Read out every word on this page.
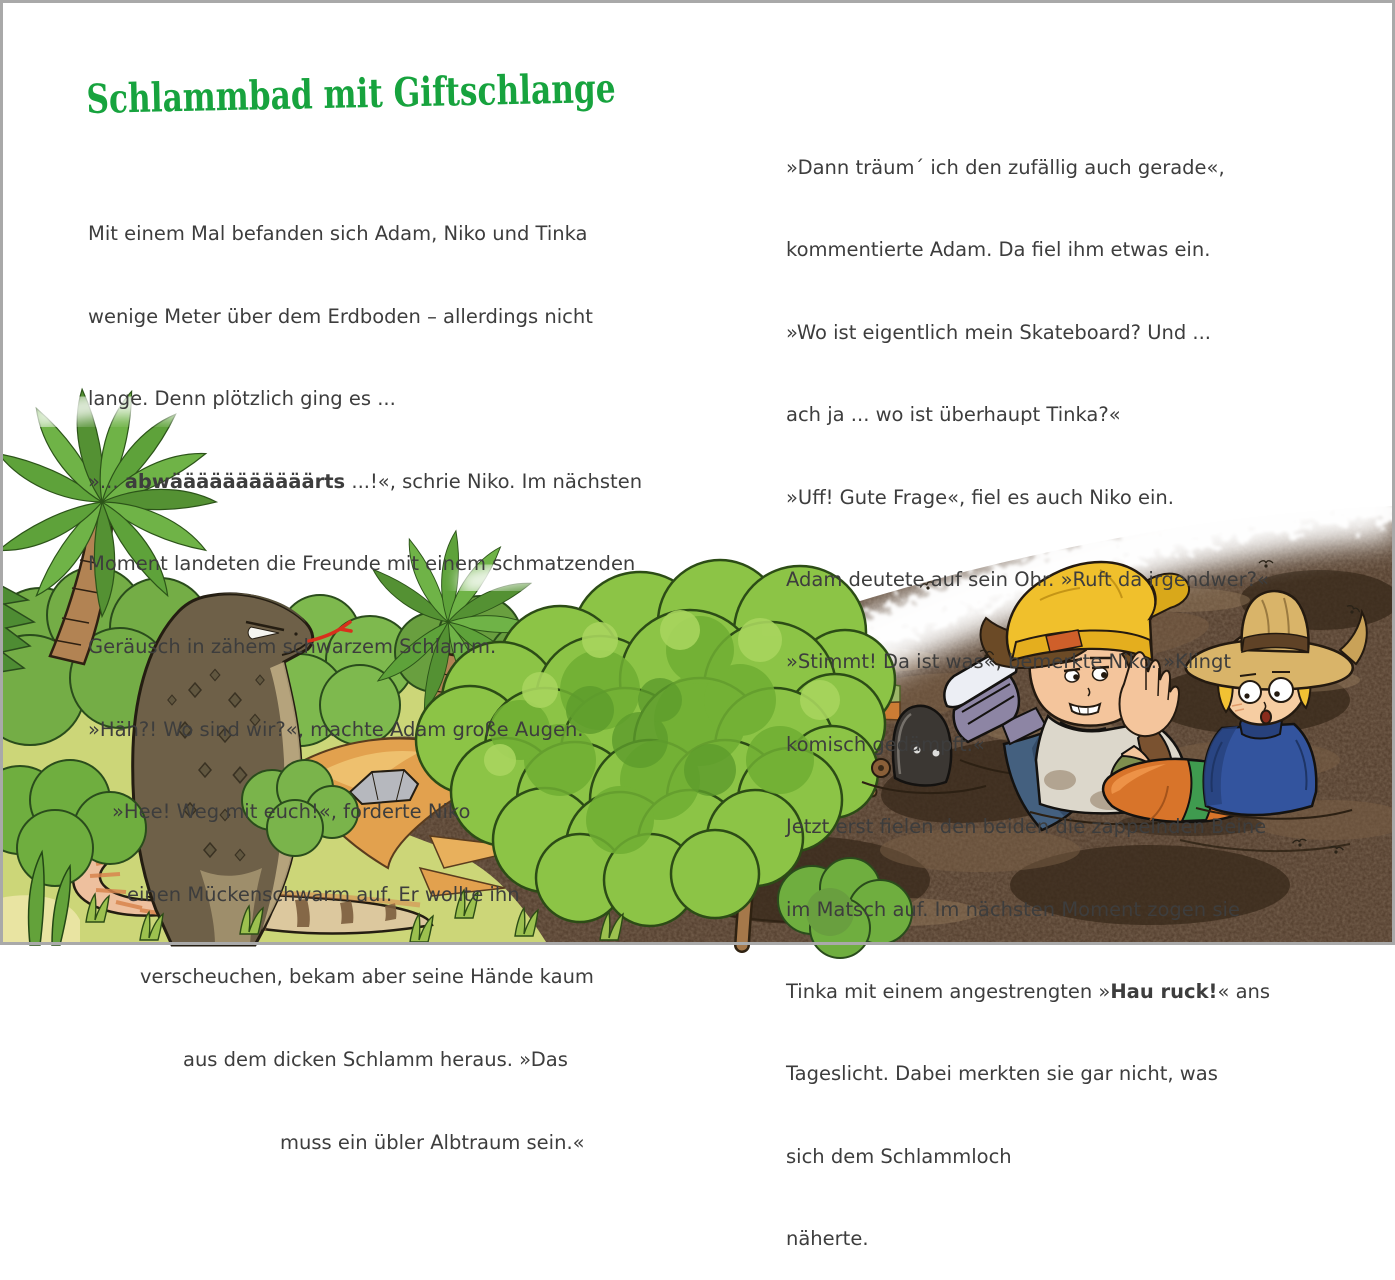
Schlammbad mit Giftschlange

Mit einem Mal befanden sich Adam, Niko und Tinka

wenige Meter über dem Erdboden – allerdings nicht

lange. Denn plötzlich ging es ...

»... abwääääääääääärts ...!«, schrie Niko. Im nächsten

Moment landeten die Freunde mit einem schmatzenden

Geräusch in zähem schwarzem Schlamm.

»Häh?! Wo sind wir?«, machte Adam große Augen.

»Hee! Weg mit euch!«, forderte Niko

einen Mückenschwarm auf. Er wollte ihn

verscheuchen, bekam aber seine Hände kaum

aus dem dicken Schlamm heraus. »Das

muss ein übler Albtraum sein.«

»Dann träum´ ich den zufällig auch gerade«,

kommentierte Adam. Da fiel ihm etwas ein.

»Wo ist eigentlich mein Skateboard? Und ...

ach ja ... wo ist überhaupt Tinka?«

»Uff! Gute Frage«, fiel es auch Niko ein.

Adam deutete auf sein Ohr. »Ruft da irgendwer?«

»Stimmt! Da ist was«, bemerkte Niko. »Klingt

komisch gedämpft.«

Jetzt erst fielen den beiden die zappelnden Beine

im Matsch auf. Im nächsten Moment zogen sie

Tinka mit einem angestrengten »Hau ruck!« ans

Tageslicht. Dabei merkten sie gar nicht, was

sich dem Schlammloch

näherte.
